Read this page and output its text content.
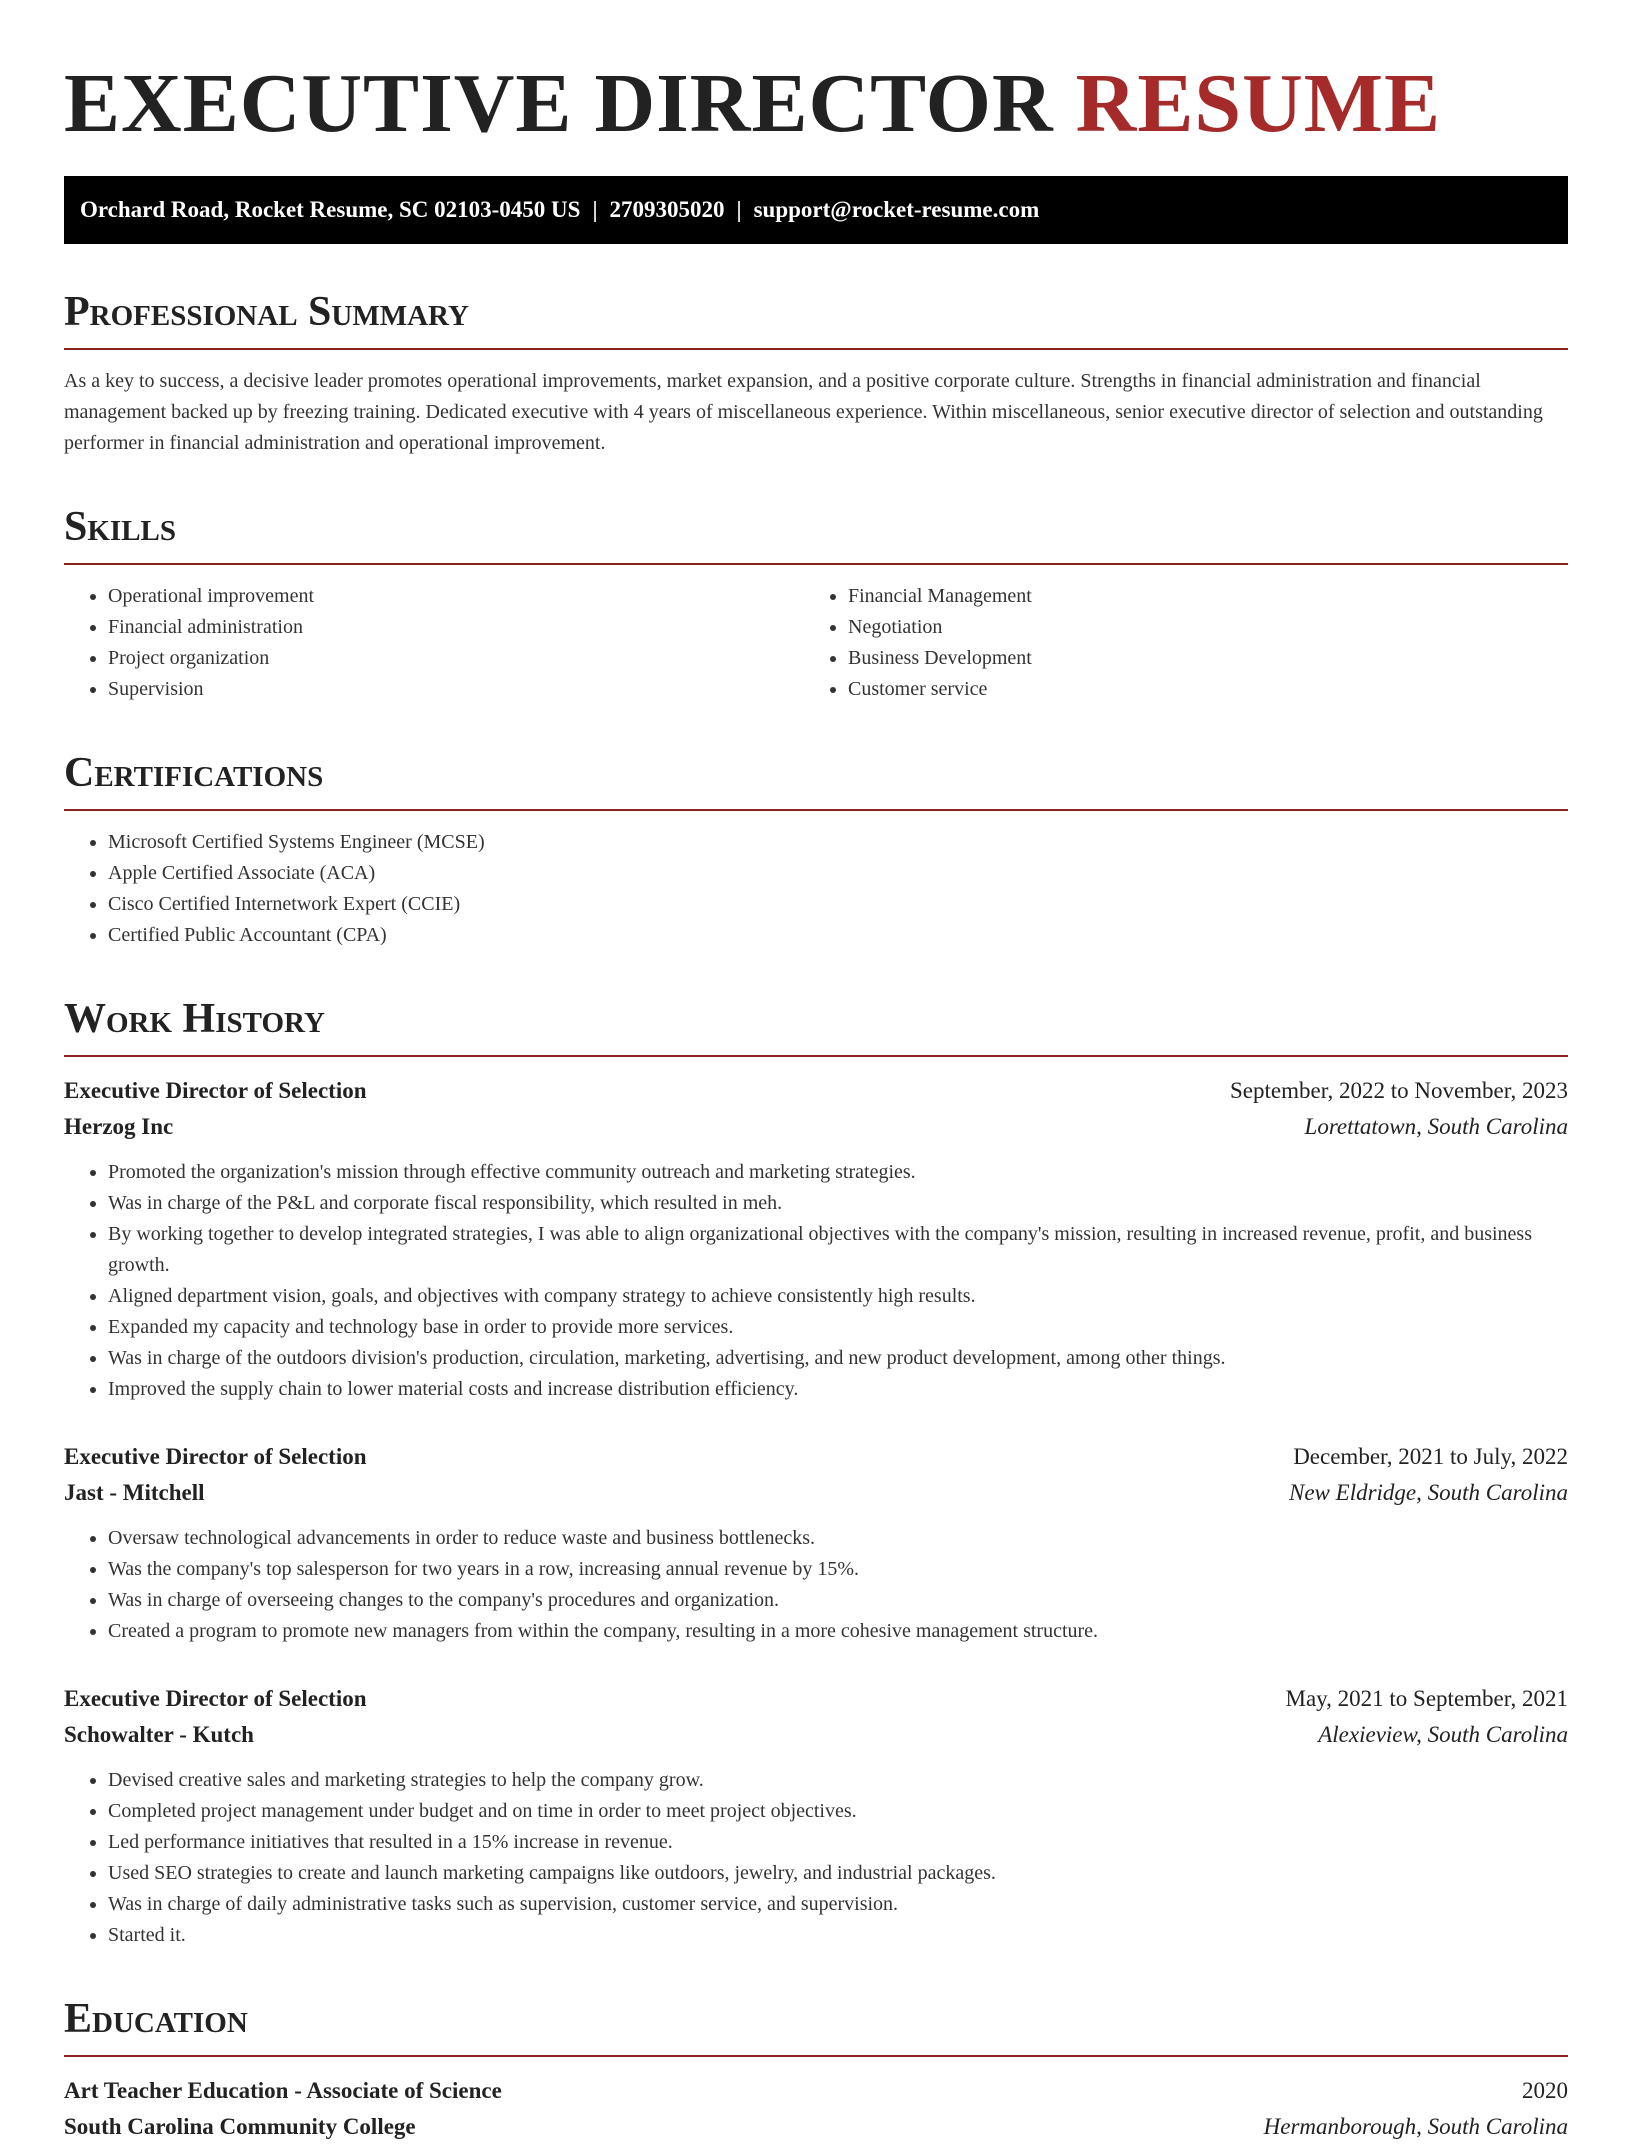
EXECUTIVE DIRECTOR RESUME
Orchard Road, Rocket Resume, SC 02103-0450 US | 2709305020 | support@rocket-resume.com
Professional Summary

As a key to success, a decisive leader promotes operational improvements, market expansion, and a positive corporate culture. Strengths in financial administration and financial management backed up by freezing training. Dedicated executive with 4 years of miscellaneous experience. Within miscellaneous, senior executive director of selection and outstanding performer in financial administration and operational improvement.

Skills
• Operational improvement
• Financial administration
• Project organization
• Supervision
• Financial Management
• Negotiation
• Business Development
• Customer service
Certifications
• Microsoft Certified Systems Engineer (MCSE)
• Apple Certified Associate (ACA)
• Cisco Certified Internetwork Expert (CCIE)
• Certified Public Accountant (CPA)
Work History
Executive Director of Selection	September, 2022 to November, 2023
Herzog Inc	Lorettatown, South Carolina
• Promoted the organization's mission through effective community outreach and marketing strategies.
• Was in charge of the P&L and corporate fiscal responsibility, which resulted in meh.
• By working together to develop integrated strategies, I was able to align organizational objectives with the company's mission, resulting in increased revenue, profit, and business growth.
• Aligned department vision, goals, and objectives with company strategy to achieve consistently high results.
• Expanded my capacity and technology base in order to provide more services.
• Was in charge of the outdoors division's production, circulation, marketing, advertising, and new product development, among other things.
• Improved the supply chain to lower material costs and increase distribution efficiency.
Executive Director of Selection	December, 2021 to July, 2022
Jast - Mitchell	New Eldridge, South Carolina
• Oversaw technological advancements in order to reduce waste and business bottlenecks.
• Was the company's top salesperson for two years in a row, increasing annual revenue by 15%.
• Was in charge of overseeing changes to the company's procedures and organization.
• Created a program to promote new managers from within the company, resulting in a more cohesive management structure.
Executive Director of Selection	May, 2021 to September, 2021
Schowalter - Kutch	Alexieview, South Carolina
• Devised creative sales and marketing strategies to help the company grow.
• Completed project management under budget and on time in order to meet project objectives.
• Led performance initiatives that resulted in a 15% increase in revenue.
• Used SEO strategies to create and launch marketing campaigns like outdoors, jewelry, and industrial packages.
• Was in charge of daily administrative tasks such as supervision, customer service, and supervision.
• Started it.
Education
Art Teacher Education - Associate of Science	2020
South Carolina Community College	Hermanborough, South Carolina
